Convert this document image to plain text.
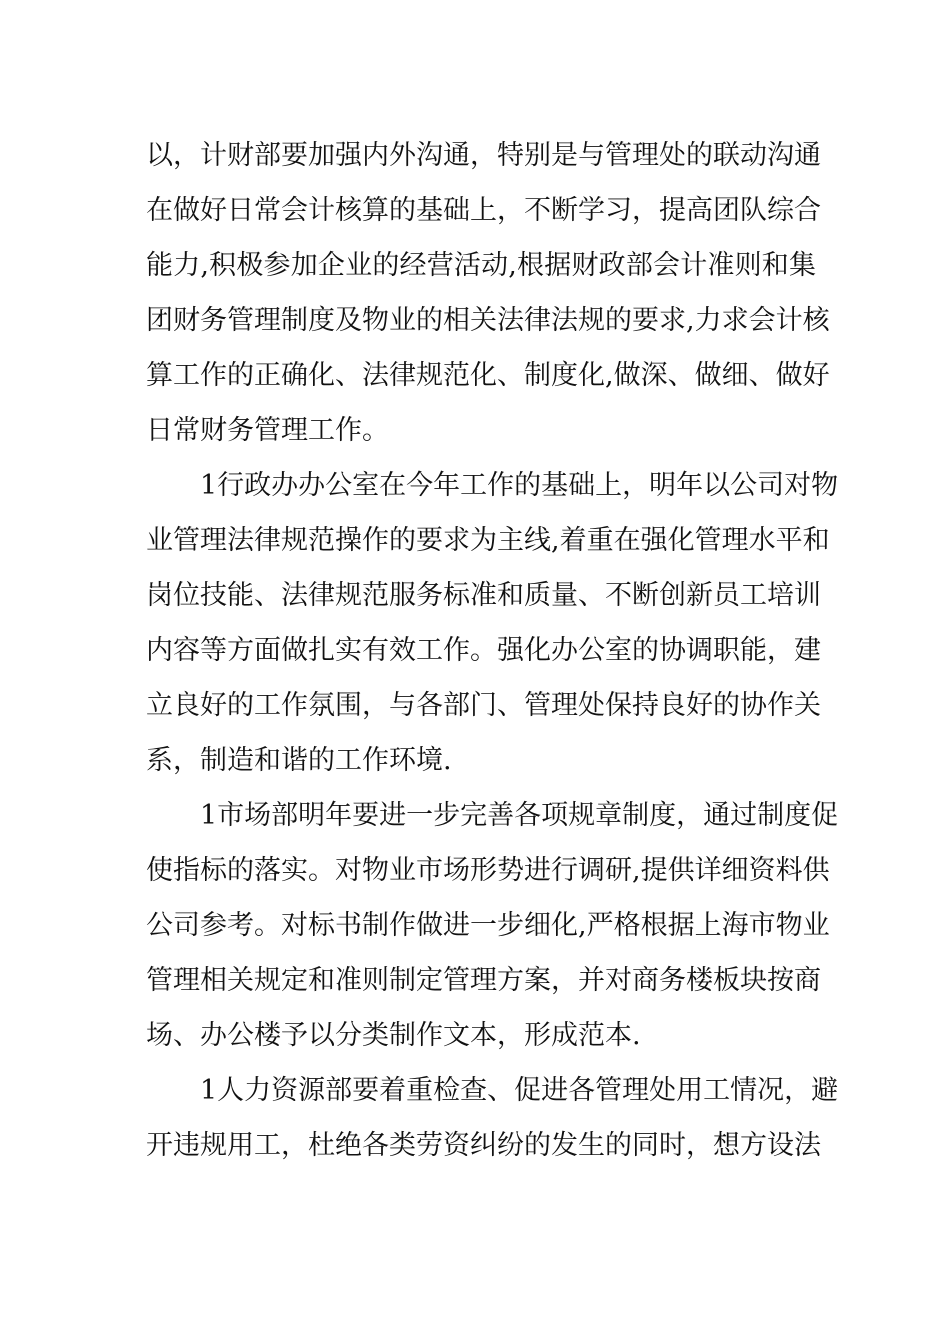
以，计财部要加强内外沟通，特别是与管理处的联动沟通
在做好日常会计核算的基础上，不断学习，提高团队综合
能力,积极参加企业的经营活动,根据财政部会计准则和集
团财务管理制度及物业的相关法律法规的要求,力求会计核
算工作的正确化、法律规范化、制度化,做深、做细、做好
日常财务管理工作。
1行政办办公室在今年工作的基础上，明年以公司对物
业管理法律规范操作的要求为主线,着重在强化管理水平和
岗位技能、法律规范服务标准和质量、不断创新员工培训
内容等方面做扎实有效工作。强化办公室的协调职能，建
立良好的工作氛围，与各部门、管理处保持良好的协作关
系，制造和谐的工作环境.
1市场部明年要进一步完善各项规章制度，通过制度促
使指标的落实。对物业市场形势进行调研,提供详细资料供
公司参考。对标书制作做进一步细化,严格根据上海市物业
管理相关规定和准则制定管理方案，并对商务楼板块按商
场、办公楼予以分类制作文本，形成范本.
1人力资源部要着重检查、促进各管理处用工情况，避
开违规用工，杜绝各类劳资纠纷的发生的同时，想方设法
